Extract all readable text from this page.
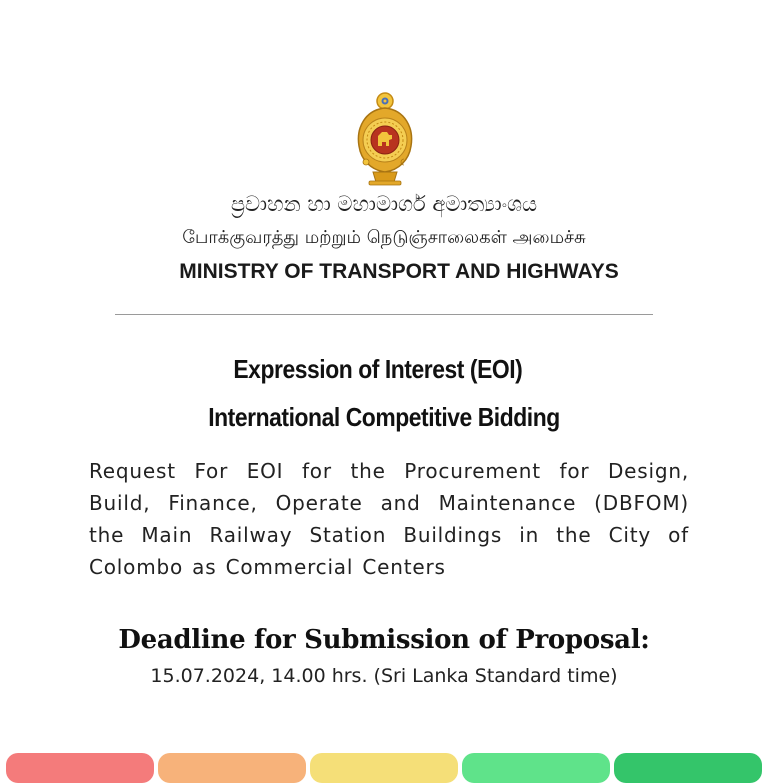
ප්‍රවාහන හා මහාමාර්ග අමාත්‍යාංශය
போக்குவரத்து மற்றும் நெடுஞ்சாலைகள் அமைச்சு
MINISTRY OF TRANSPORT AND HIGHWAYS
Expression of Interest (EOI)
International Competitive Bidding
Request For EOI for the Procurement for Design, Build, Finance, Operate and Maintenance (DBFOM) the Main Railway Station Buildings in the City of Colombo as Commercial Centers
Deadline for Submission of Proposal:
15.07.2024, 14.00 hrs. (Sri Lanka Standard time)
